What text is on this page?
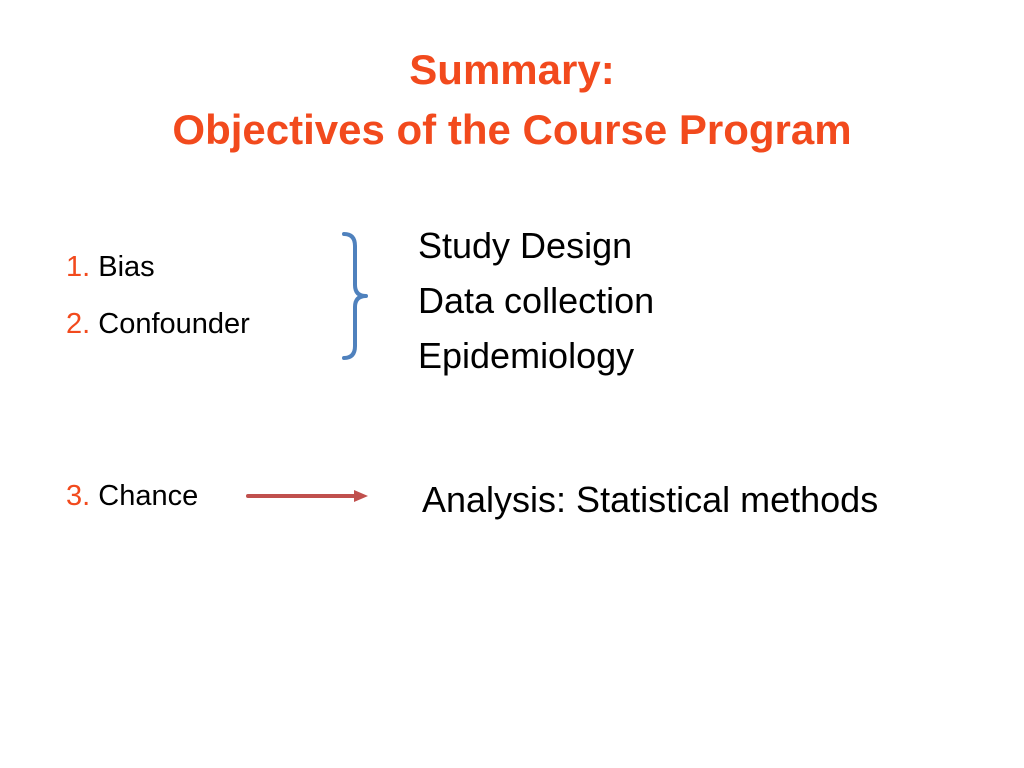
Summary:
Objectives of the Course Program
1. Bias
2. Confounder
3. Chance
Study Design
Data collection
Epidemiology
Analysis: Statistical methods
